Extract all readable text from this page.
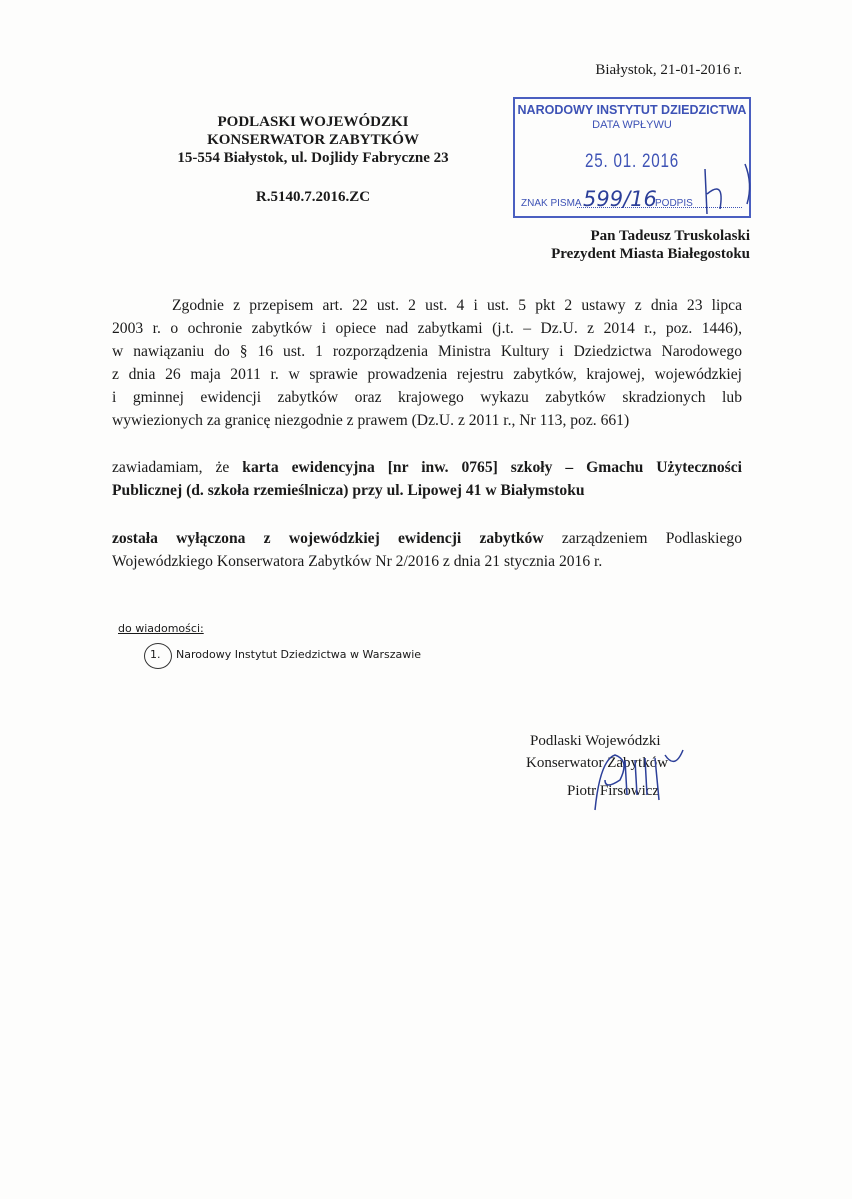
Białystok, 21-01-2016 r.
PODLASKI WOJEWÓDZKI
KONSERWATOR ZABYTKÓW
15-554 Białystok, ul. Dojlidy Fabryczne 23
R.5140.7.2016.ZC
NARODOWY INSTYTUT DZIEDZICTWA
DATA WPŁYWU
25. 01. 2016
ZNAK PISMA 599/16
PODPIS
Pan Tadeusz Truskolaski
Prezydent Miasta Białegostoku
Zgodnie z przepisem art. 22 ust. 2 ust. 4 i ust. 5 pkt 2 ustawy z dnia 23 lipca
2003 r. o ochronie zabytków i opiece nad zabytkami (j.t. – Dz.U. z 2014 r., poz. 1446),
w nawiązaniu do § 16 ust. 1 rozporządzenia Ministra Kultury i Dziedzictwa Narodowego
z dnia 26 maja 2011 r. w sprawie prowadzenia rejestru zabytków, krajowej, wojewódzkiej
i gminnej ewidencji zabytków oraz krajowego wykazu zabytków skradzionych lub
wywiezionych za granicę niezgodnie z prawem (Dz.U. z 2011 r., Nr 113, poz. 661)
zawiadamiam, że karta ewidencyjna [nr inw. 0765] szkoły – Gmachu Użyteczności
Publicznej (d. szkoła rzemieślnicza) przy ul. Lipowej 41 w Białymstoku
została wyłączona z wojewódzkiej ewidencji zabytków zarządzeniem Podlaskiego
Wojewódzkiego Konserwatora Zabytków Nr 2/2016 z dnia 21 stycznia 2016 r.
do wiadomości:
1. Narodowy Instytut Dziedzictwa w Warszawie
Podlaski Wojewódzki
Konserwator Zabytków
Piotr Firsowicz
